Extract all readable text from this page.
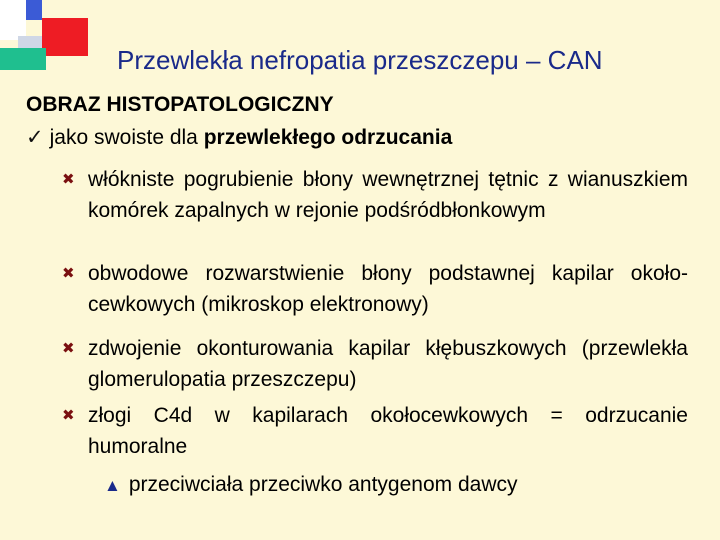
Przewlekła nefropatia przeszczepu – CAN
OBRAZ HISTOPATOLOGICZNY
✓ jako swoiste dla przewlekłego odrzucania
✖ włókniste pogrubienie błony wewnętrznej tętnic z wianuszkiem komórek zapalnych w rejonie podśródbłonkowym
✖ obwodowe rozwarstwienie błony podstawnej kapilar około-cewkowych (mikroskop elektronowy)
✖ zdwojenie okonturowania kapilar kłębuszkowych (przewlekła glomerulopatia przeszczepu)
✖ złogi C4d w kapilarach okołocewkowych = odrzucanie humoralne
▲ przeciwciała przeciwko antygenom dawcy
